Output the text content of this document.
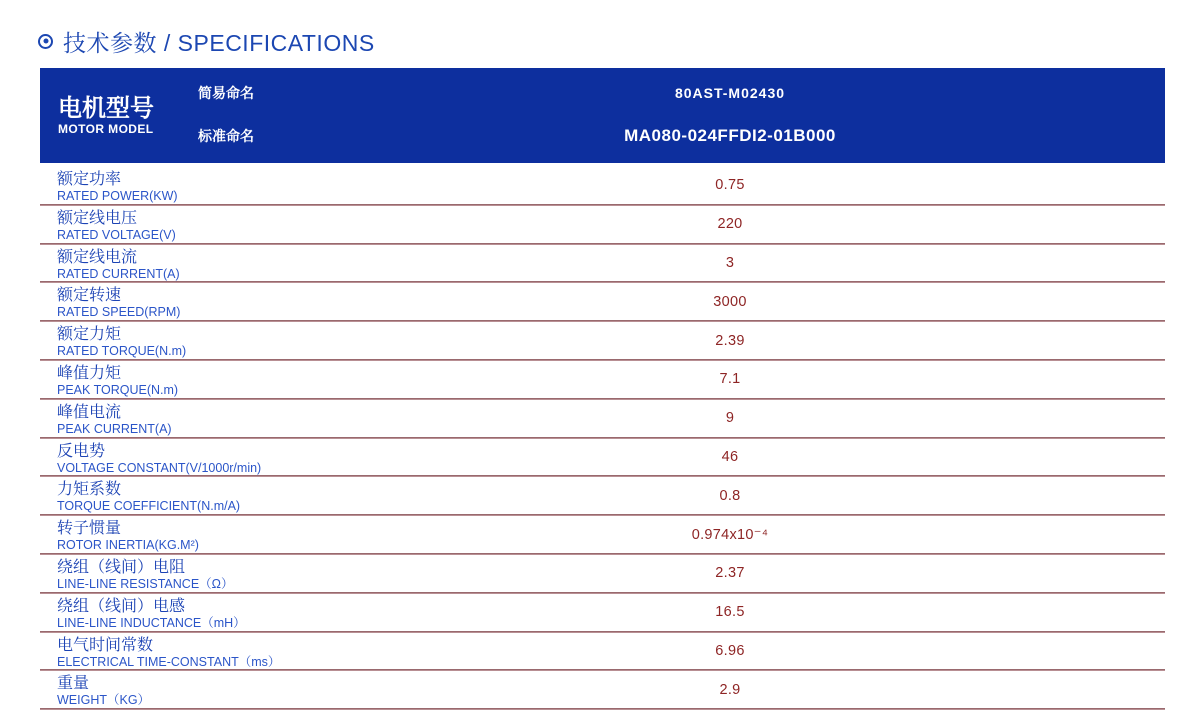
技术参数 / SPECIFICATIONS
电机型号
MOTOR MODEL
简易命名	80AST-M02430
标准命名	MA080-024FFDI2-01B000
额定功率
RATED POWER(KW)
0.75
额定线电压
RATED VOLTAGE(V)
220
额定线电流
RATED CURRENT(A)
3
额定转速
RATED SPEED(RPM)
3000
额定力矩
RATED TORQUE(N.m)
2.39
峰值力矩
PEAK TORQUE(N.m)
7.1
峰值电流
PEAK CURRENT(A)
9
反电势
VOLTAGE CONSTANT(V/1000r/min)
46
力矩系数
TORQUE COEFFICIENT(N.m/A)
0.8
转子惯量
ROTOR INERTIA(KG.M²)
0.974x10⁻⁴
绕组（线间）电阻
LINE-LINE RESISTANCE（Ω）
2.37
绕组（线间）电感
LINE-LINE INDUCTANCE（mH）
16.5
电气时间常数
ELECTRICAL TIME-CONSTANT（ms）
6.96
重量
WEIGHT（KG）
2.9
